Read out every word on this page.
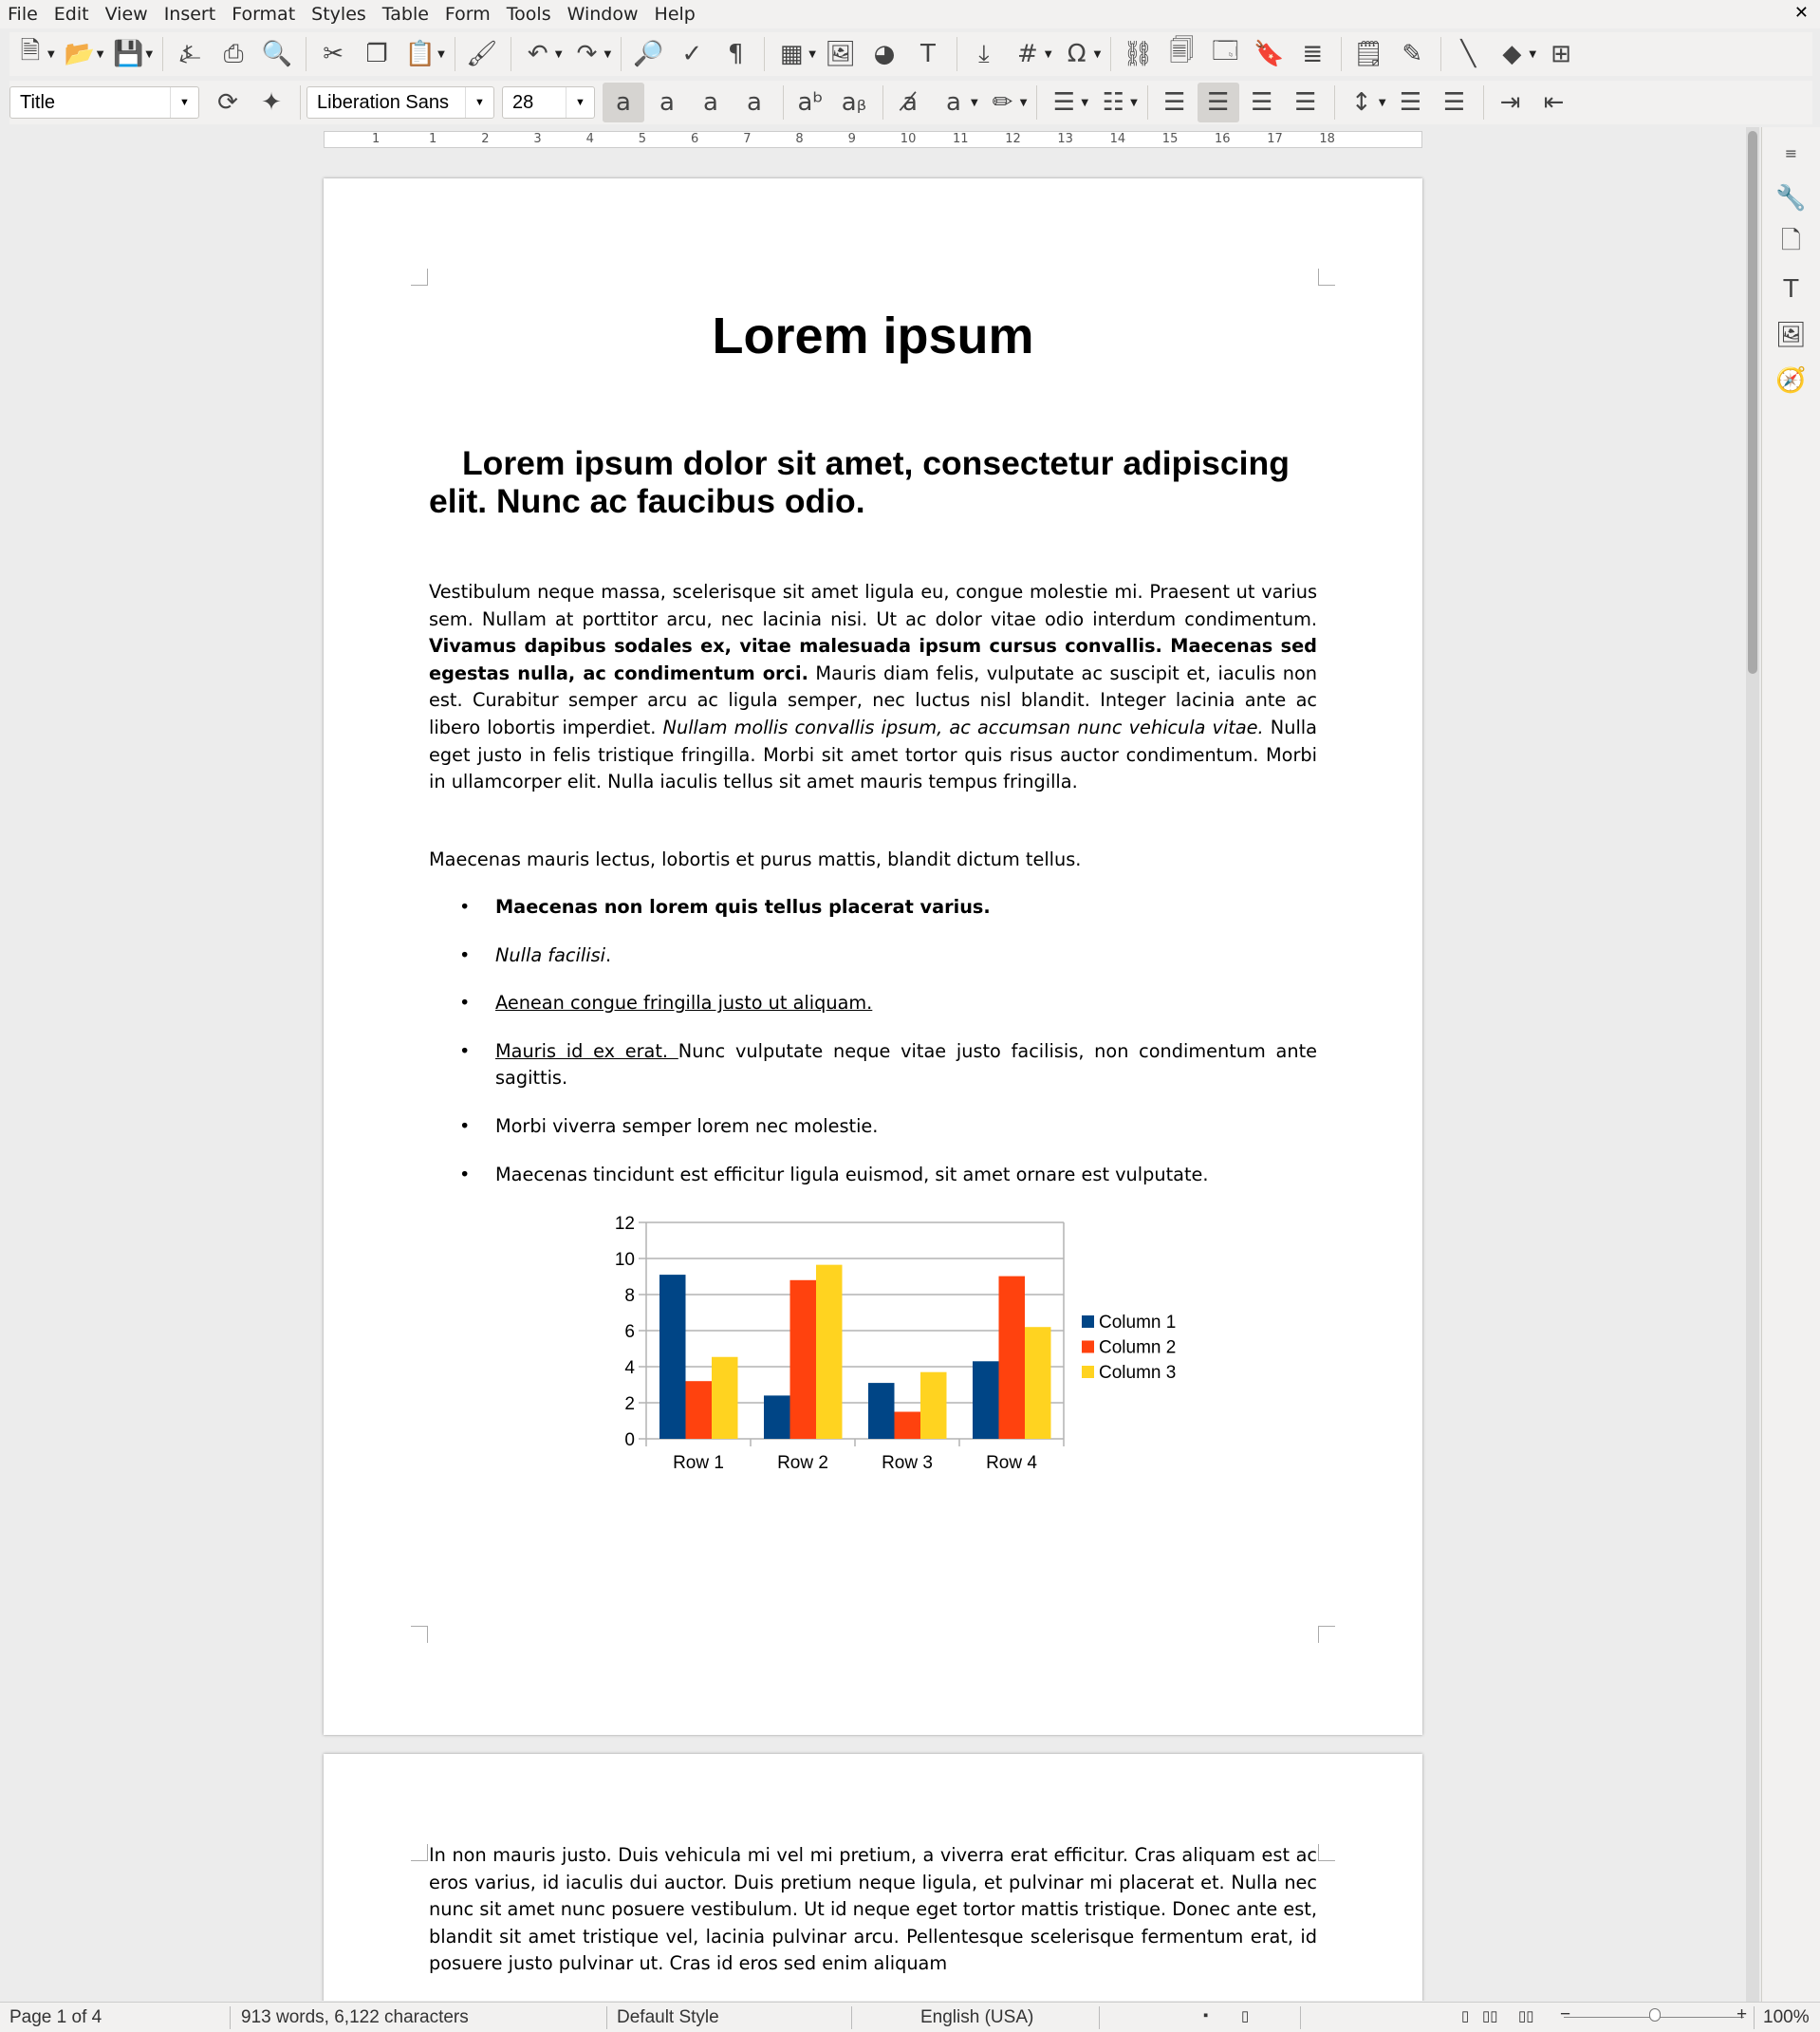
File Edit View Insert Format Styles Table Form Tools Window Help	✕
🗎 ▼ 📂 ▼ 💾 ▼	⍼ ⎙ 🔍	✂ ❐ 📋 ▼ 🖌	↶ ▼ ↷ ▼ 🔎 ✓	¶	▦ ▼ 🖼 ◕	T	⤓	# ▼ Ω ▼ ⛓ 🗐 🗔 🔖 ≣	🗒 ✎	╲	◆ ▼ ⊞
Title	▼	⟳ ✦	Liberation Sans	▼	28	▼	a	a	a	a	aᵇ aᵦ	a̸	a	▼ ✏ ▼	☰ ▼ ☷ ▼	☰ ☰ ☰ ☰	↕ ▼ ☰ ☰	⇥ ⇤
1	1	2	3	4	5	6	7	8	9	10	11	12	13	14	15	16	17	18
Lorem ipsum
Lorem ipsum dolor sit amet, consectetur adipiscing elit. Nunc ac faucibus odio.
Vestibulum neque massa, scelerisque sit amet ligula eu, congue molestie mi. Praesent ut varius sem. Nullam at porttitor arcu, nec lacinia nisi. Ut ac dolor vitae odio interdum condimentum. Vivamus dapibus sodales ex, vitae malesuada ipsum cursus convallis. Maecenas sed egestas nulla, ac condimentum orci. Mauris diam felis, vulputate ac suscipit et, iaculis non est. Curabitur semper arcu ac ligula semper, nec luctus nisl blandit. Integer lacinia ante ac libero lobortis imperdiet. Nullam mollis convallis ipsum, ac accumsan nunc vehicula vitae. Nulla eget justo in felis tristique fringilla. Morbi sit amet tortor quis risus auctor condimentum. Morbi in ullamcorper elit. Nulla iaculis tellus sit amet mauris tempus fringilla.
Maecenas mauris lectus, lobortis et purus mattis, blandit dictum tellus.
• Maecenas non lorem quis tellus placerat varius.
• Nulla facilisi.
• Aenean congue fringilla justo ut aliquam.
• Mauris id ex erat. Nunc vulputate neque vitae justo facilisis, non condimentum ante sagittis.
• Morbi viverra semper lorem nec molestie.
• Maecenas tincidunt est efficitur ligula euismod, sit amet ornare est vulputate.
0
2
4
6
8
10
12
Row 1	Row 2	Row 3	Row 4
Column 1
Column 2
Column 3
In non mauris justo. Duis vehicula mi vel mi pretium, a viverra erat efficitur. Cras aliquam est ac eros varius, id iaculis dui auctor. Duis pretium neque ligula, et pulvinar mi placerat et. Nulla nec nunc sit amet nunc posuere vestibulum. Ut id neque eget tortor mattis tristique. Donec ante est, blandit sit amet tristique vel, lacinia pulvinar arcu. Pellentesque scelerisque fermentum erat, id posuere justo pulvinar ut. Cras id eros sed enim aliquam
≡
🔧
🗋
T
🖼
🧭
Page 1 of 4	913 words, 6,122 characters	Default Style	English (USA)	▪ ▯	▯ ▯▯ ▯▯ −	+ 100%
